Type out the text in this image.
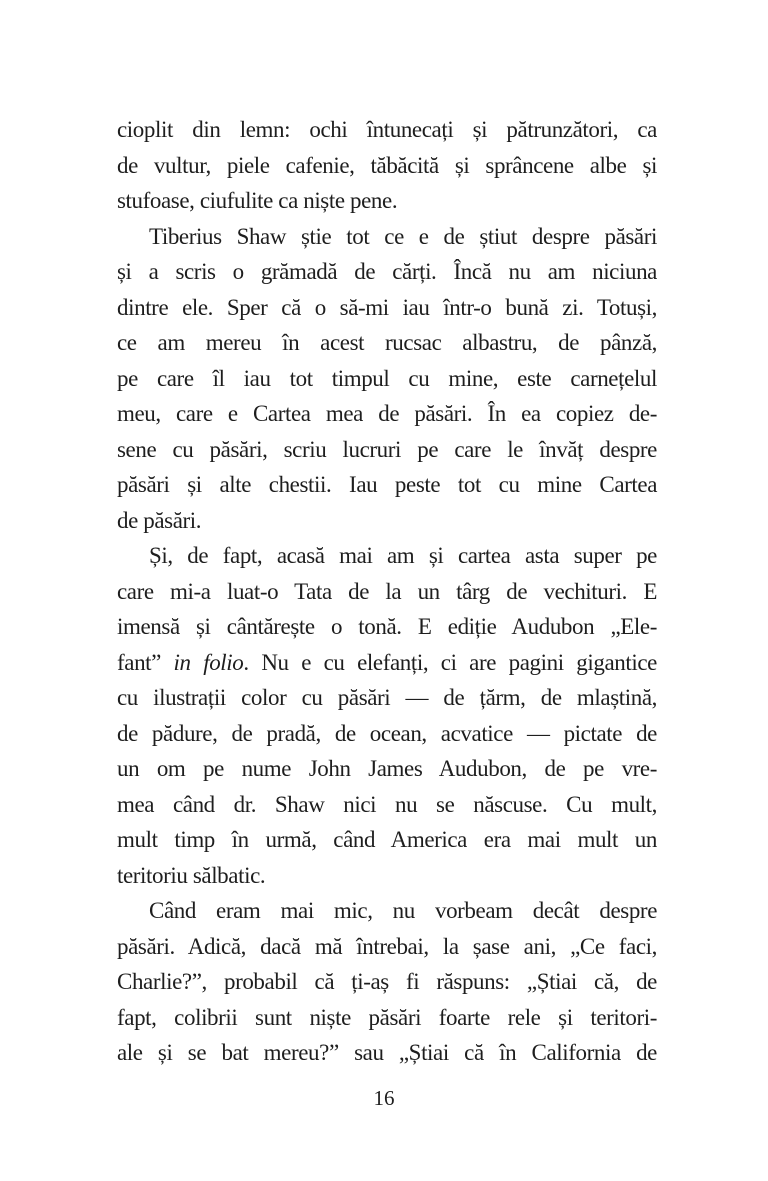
cioplit din lemn: ochi întunecați și pătrunzători, ca
de vultur, piele cafenie, tăbăcită și sprâncene albe și
stufoase, ciufulite ca niște pene.
Tiberius Shaw știe tot ce e de știut despre păsări
și a scris o grămadă de cărți. Încă nu am niciuna
dintre ele. Sper că o să-mi iau într-o bună zi. Totuși,
ce am mereu în acest rucsac albastru, de pânză,
pe care îl iau tot timpul cu mine, este carnețelul
meu, care e Cartea mea de păsări. În ea copiez de-
sene cu păsări, scriu lucruri pe care le învăț despre
păsări și alte chestii. Iau peste tot cu mine Cartea
de păsări.
Și, de fapt, acasă mai am și cartea asta super pe
care mi-a luat-o Tata de la un târg de vechituri. E
imensă și cântărește o tonă. E ediție Audubon „Ele-
fant” in folio. Nu e cu elefanți, ci are pagini gigantice
cu ilustrații color cu păsări — de țărm, de mlaștină,
de pădure, de pradă, de ocean, acvatice — pictate de
un om pe nume John James Audubon, de pe vre-
mea când dr. Shaw nici nu se născuse. Cu mult,
mult timp în urmă, când America era mai mult un
teritoriu sălbatic.
Când eram mai mic, nu vorbeam decât despre
păsări. Adică, dacă mă întrebai, la șase ani, „Ce faci,
Charlie?”, probabil că ți-aș fi răspuns: „Știai că, de
fapt, colibrii sunt niște păsări foarte rele și teritori-
ale și se bat mereu?” sau „Știai că în California de
16
